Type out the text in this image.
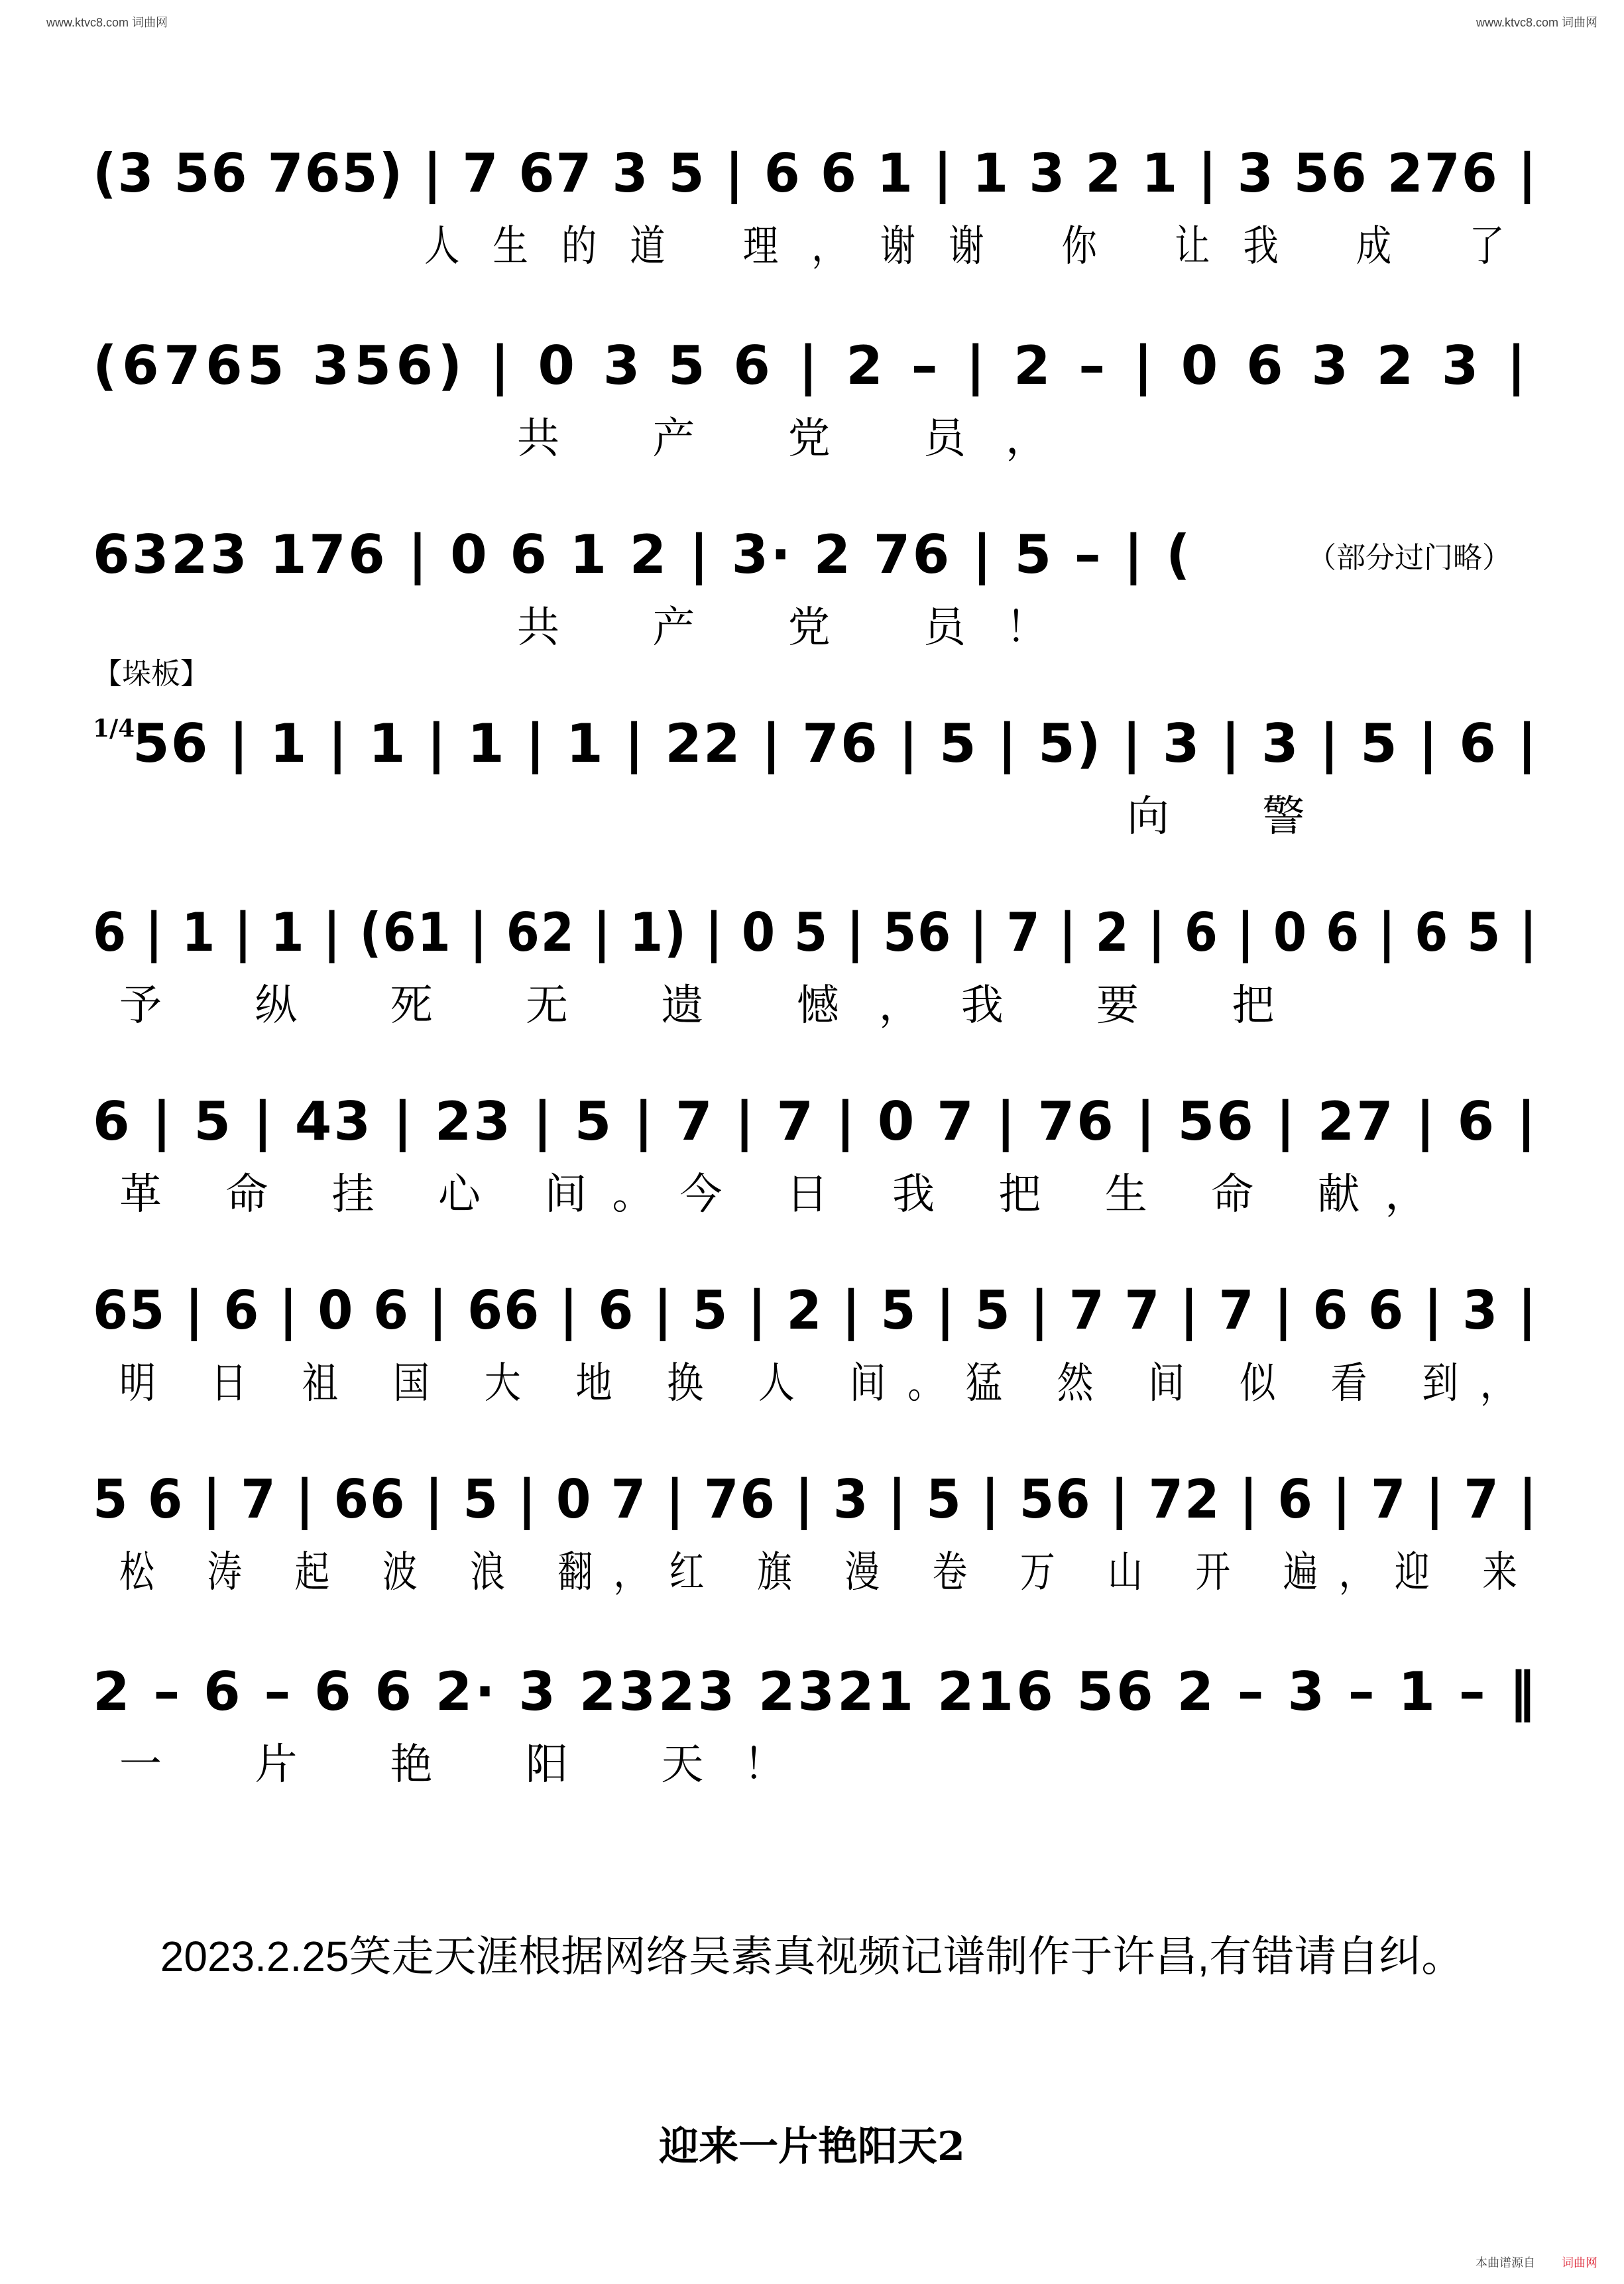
www.ktvc8.com 词曲网	www.ktvc8.com 词曲网
(3 56 765) | 7 67 3 5 | 6 6 1 | 1 3 2 1 | 3 56 276 |
人生的道 理，谢谢 你 让我 成 了
(6765 356) | 0 3 5 6 | 2 – | 2 – | 0 6 3 2 3 |
共 产 党 员，
6323 176 | 0 6 1 2 | 3· 2 76 | 5 – | (	（部分过门略）
共 产 党 员！
【垛板】
1/4
56 | 1 | 1 | 1 | 1 | 22 | 76 | 5 | 5) | 3 | 3 | 5 | 6 |
向 警
6 | 1 | 1 | (61 | 62 | 1) | 0 5 | 56 | 7 | 2 | 6 | 0 6 | 6 5 |
予 纵 死 无 遗 憾，我 要 把
6 | 5 | 43 | 23 | 5 | 7 | 7 | 0 7 | 76 | 56 | 27 | 6 |
革 命 挂 心 间。今 日 我 把 生 命 献，
65 | 6 | 0 6 | 66 | 6 | 5 | 2 | 5 | 5 | 7 7 | 7 | 6 6 | 3 |
明 日 祖 国 大 地 换 人 间。猛 然 间 似 看 到，
5 6 | 7 | 66 | 5 | 0 7 | 76 | 3 | 5 | 56 | 72 | 6 | 7 | 7 |
松 涛 起 波 浪 翻，红 旗 漫 卷 万 山 开 遍，迎 来
2 – 6 – 6 6 2· 3 2323 2321 216 56 2 – 3 – 1 – ‖
一 片 艳 阳 天！
2023.2.25笑走天涯根据网络吴素真视频记谱制作于许昌,有错请自纠。
迎来一片艳阳天2
本曲谱源自 词曲网
